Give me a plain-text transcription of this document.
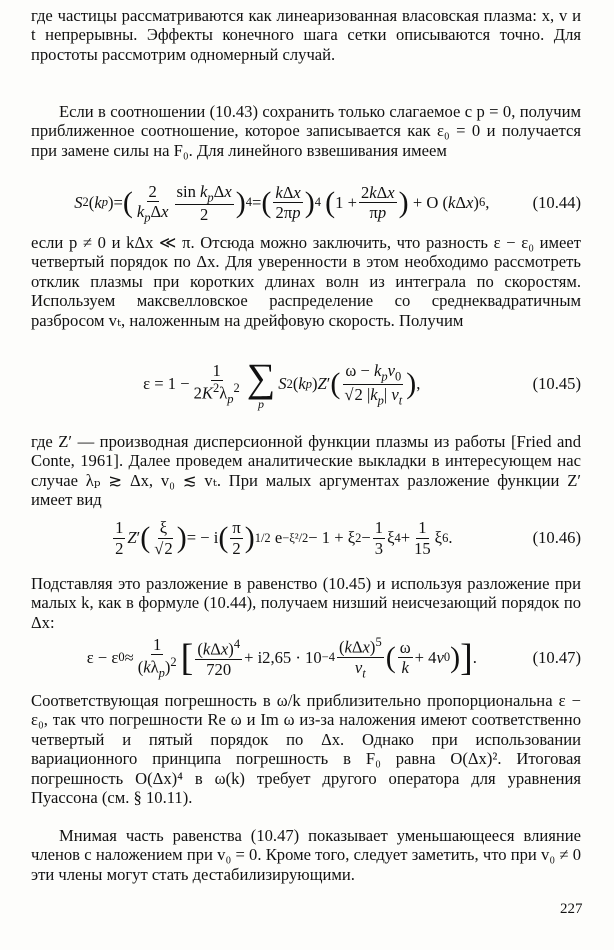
где частицы рассматриваются как линеаризованная власовская плазма: x, v и t непрерывны. Эффекты конечного шага сетки описываются точно. Для простоты рассмотрим одномерный случай.
Если в соотношении (10.43) сохранить только слагаемое с p = 0, получим приближенное соотношение, которое записывается как ε₀ = 0 и получается при замене силы на F₀. Для линейного взвешивания имеем
S 2 ( k p )= ( $\frac{2}{k_p\Delta x} \frac{\sin k_p\Delta x}{2}$ ) 4 = ( $\frac{\text{kΔx}}{2\pi p}$ ) 4
( $1 + \frac{\text{2kΔx}}{\pi p}$ ) + O ( k Δ x ) 6 ,	(10.44)
если p ≠ 0 и kΔx ≪ π. Отсюда можно заключить, что разность ε − ε₀ имеет четвертый порядок по Δx. Для уверенности в этом необходимо рассмотреть отклик плазмы при коротких длинах волн из интеграла по скоростям. Используем максвелловское распределение со среднеквадратичным разбросом vₜ, наложенным на дрейфовую скорость. Получим
$\varepsilon = 1 - \frac{1}{2K^2\lambda_p^2}$ ∑
p
S 2 ( k p ) Z ′ ( $\frac{\omega - k_pv_0}{√2 |k_p| v_t}$ ) ,	(10.45)
где Z′ — производная дисперсионной функции плазмы из работы [Fried and Conte, 1961]. Далее проведем аналитические выкладки в интересующем нас случае λₚ ≳ Δx, v₀ ≲ vₜ. При малых аргументах разложение функции Z′ имеет вид
$\frac{1}{2}$ Z ′ ( $\frac{\xi}{√2}$ ) = − i ( $\frac{\pi}{2}$ ) 1/2 e −ξ²/2 − 1 + ξ $2 - \frac{1}{3}$ ξ $4 + \frac{1}{15}$ ξ 6 .	(10.46)
Подставляя это разложение в равенство (10.45) и используя разложение при малых k, как в формуле (10.44), получаем низший неисчезающий порядок по Δx:
ε − ε $0 \approx \frac{1}{(k\lambda_p)^2}$ [ $\frac{(k\Delta x)^4}{720} + i2,65 \cdot 10 -4 \frac{(k\Delta x)^5}{v_t}$ ( $\frac{\omega}{k} + 4$ v 0 ) ] .	(10.47)
Соответствующая погрешность в ω/k приблизительно пропорциональна ε − ε₀, так что погрешности Re ω и Im ω из-за наложения имеют соответственно четвертый и пятый порядок по Δx. Однако при использовании вариационного принципа погрешность в F₀ равна O(Δx)². Итоговая погрешность O(Δx)⁴ в ω(k) требует другого оператора для уравнения Пуассона (см. § 10.11).
Мнимая часть равенства (10.47) показывает уменьшающееся влияние членов с наложением при v₀ = 0. Кроме того, следует заметить, что при v₀ ≠ 0 эти члены могут стать дестабилизирующими.
227
